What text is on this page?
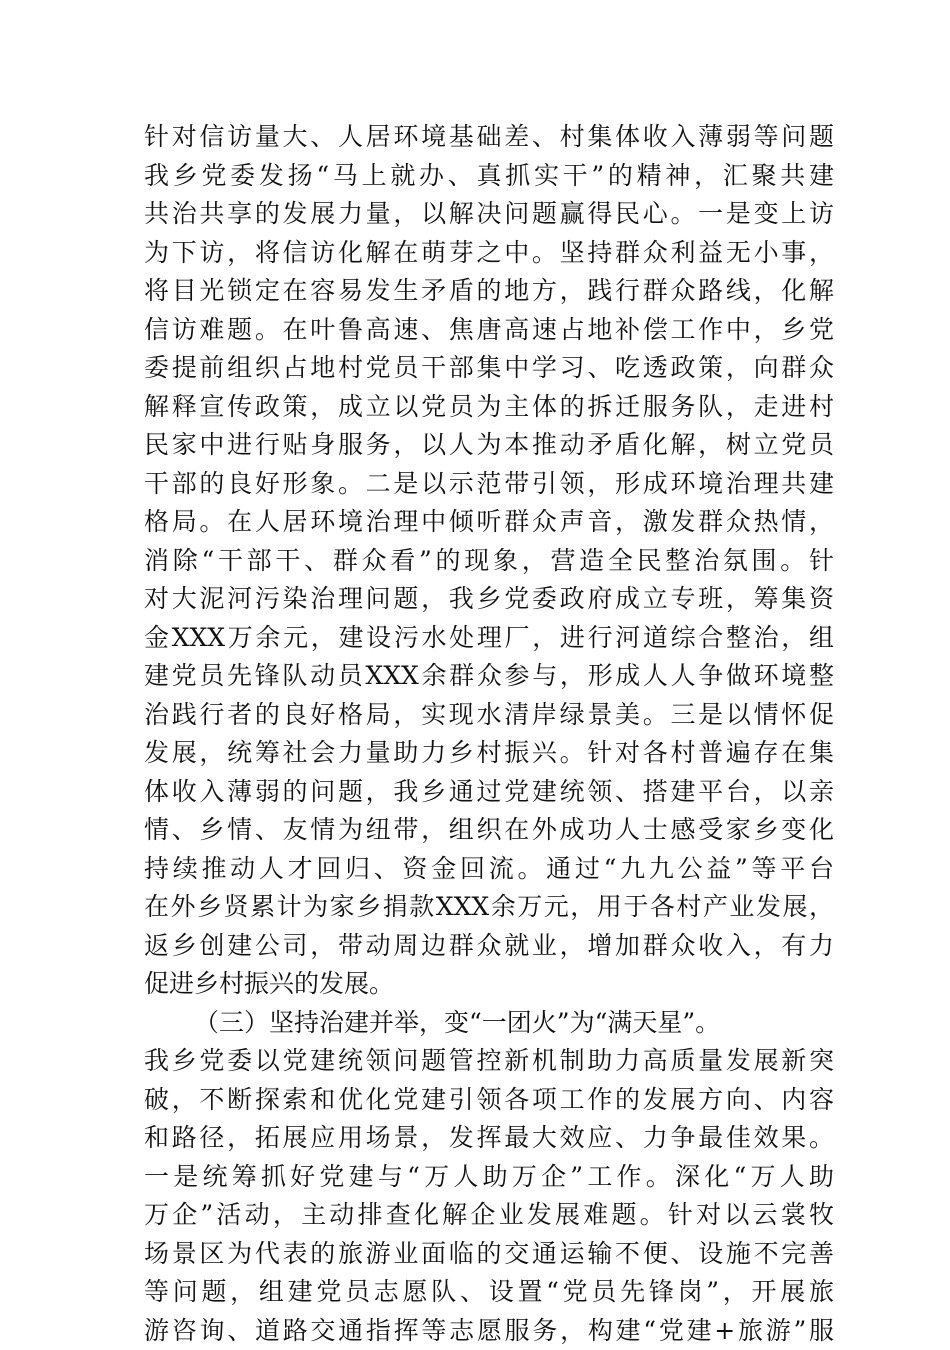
针对信访量大、人居环境基础差、村集体收入薄弱等问题
我乡党委发扬“马上就办、真抓实干”的精神，汇聚共建
共治共享的发展力量，以解决问题赢得民心。一是变上访
为下访，将信访化解在萌芽之中。坚持群众利益无小事，
将目光锁定在容易发生矛盾的地方，践行群众路线，化解
信访难题。在叶鲁高速、焦唐高速占地补偿工作中，乡党
委提前组织占地村党员干部集中学习、吃透政策，向群众
解释宣传政策，成立以党员为主体的拆迁服务队，走进村
民家中进行贴身服务，以人为本推动矛盾化解，树立党员
干部的良好形象。二是以示范带引领，形成环境治理共建
格局。在人居环境治理中倾听群众声音，激发群众热情，
消除“干部干、群众看”的现象，营造全民整治氛围。针
对大泥河污染治理问题，我乡党委政府成立专班，筹集资
金XXX万余元，建设污水处理厂，进行河道综合整治，组
建党员先锋队动员XXX余群众参与，形成人人争做环境整
治践行者的良好格局，实现水清岸绿景美。三是以情怀促
发展，统筹社会力量助力乡村振兴。针对各村普遍存在集
体收入薄弱的问题，我乡通过党建统领、搭建平台，以亲
情、乡情、友情为纽带，组织在外成功人士感受家乡变化
持续推动人才回归、资金回流。通过“九九公益”等平台
在外乡贤累计为家乡捐款XXX余万元，用于各村产业发展，
返乡创建公司，带动周边群众就业，增加群众收入，有力
促进乡村振兴的发展。
（三）坚持治建并举，变“一团火”为“满天星”。
我乡党委以党建统领问题管控新机制助力高质量发展新突
破，不断探索和优化党建引领各项工作的发展方向、内容
和路径，拓展应用场景，发挥最大效应、力争最佳效果。
一是统筹抓好党建与“万人助万企”工作。深化“万人助
万企”活动，主动排查化解企业发展难题。针对以云裳牧
场景区为代表的旅游业面临的交通运输不便、设施不完善
等问题，组建党员志愿队、设置“党员先锋岗”，开展旅
游咨询、道路交通指挥等志愿服务，构建“党建+旅游”服
